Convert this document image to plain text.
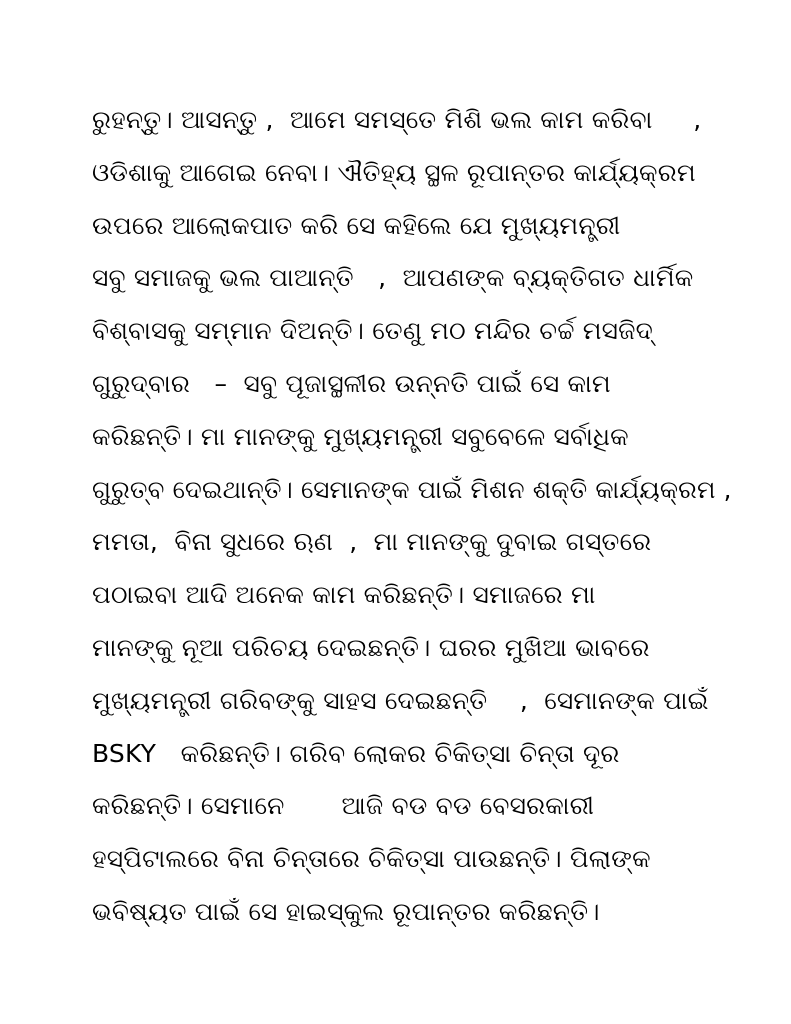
ରୁହନ୍ତୁ। ଆସନ୍ତୁ ,  ଆମେ ସମସ୍ତେ ମିଶି ଭଲ କାମ କରିବା     ,
ଓଡିଶାକୁ ଆଗେଇ ନେବା। ଐତିହ୍ୟ ସ୍ଥଳ ରୂପାନ୍ତର କାର୍ଯ୍ୟକ୍ରମ
ଉପରେ ଆଲୋକପାତ କରି ସେ କହିଲେ ଯେ ମୁଖ୍ୟମନ୍ତ୍ରୀ
ସବୁ ସମାଜକୁ ଭଲ ପାଆନ୍ତି   ,  ଆପଣଙ୍କ ବ୍ୟକ୍ତିଗତ ଧାର୍ମିକ
ବିଶ୍ବାସକୁ ସମ୍ମାନ ଦିଅନ୍ତି। ତେଣୁ ମଠ ମନ୍ଦିର ଚର୍ଚ୍ଚ ମସଜିଦ୍
ଗୁରୁଦ୍ବାର   –  ସବୁ ପୂଜାସ୍ଥଳୀର ଉନ୍ନତି ପାଇଁ ସେ କାମ
କରିଛନ୍ତି। ମା ମାନଙ୍କୁ ମୁଖ୍ୟମନ୍ତ୍ରୀ ସବୁବେଳେ ସର୍ବାଧିକ
ଗୁରୁତ୍ବ ଦେଇଥାନ୍ତି। ସେମାନଙ୍କ ପାଇଁ ମିଶନ ଶକ୍ତି କାର୍ଯ୍ୟକ୍ରମ ,
ମମତା,  ବିନା ସୁଧରେ ଋଣ  ,  ମା ମାନଙ୍କୁ ଦୁବାଇ ଗସ୍ତରେ
ପଠାଇବା ଆଦି ଅନେକ କାମ କରିଛନ୍ତି। ସମାଜରେ ମା
ମାନଙ୍କୁ ନୂଆ ପରିଚୟ ଦେଇଛନ୍ତି। ଘରର ମୁଖିଆ ଭାବରେ
ମୁଖ୍ୟମନ୍ତ୍ରୀ ଗରିବଙ୍କୁ ସାହସ ଦେଇଛନ୍ତି    ,  ସେମାନଙ୍କ ପାଇଁ
BSKY   କରିଛନ୍ତି। ଗରିବ ଲୋକର ଚିକିତ୍ସା ଚିନ୍ତା ଦୂର
କରିଛନ୍ତି। ସେମାନେ       ଆଜି ବଡ ବଡ ବେସରକାରୀ
ହସ୍ପିଟାଲରେ ବିନା ଚିନ୍ତାରେ ଚିକିତ୍ସା ପାଉଛନ୍ତି। ପିଲାଙ୍କ
ଭବିଷ୍ୟତ ପାଇଁ ସେ ହାଇସ୍କୁଲ ରୂପାନ୍ତର କରିଛନ୍ତି।
